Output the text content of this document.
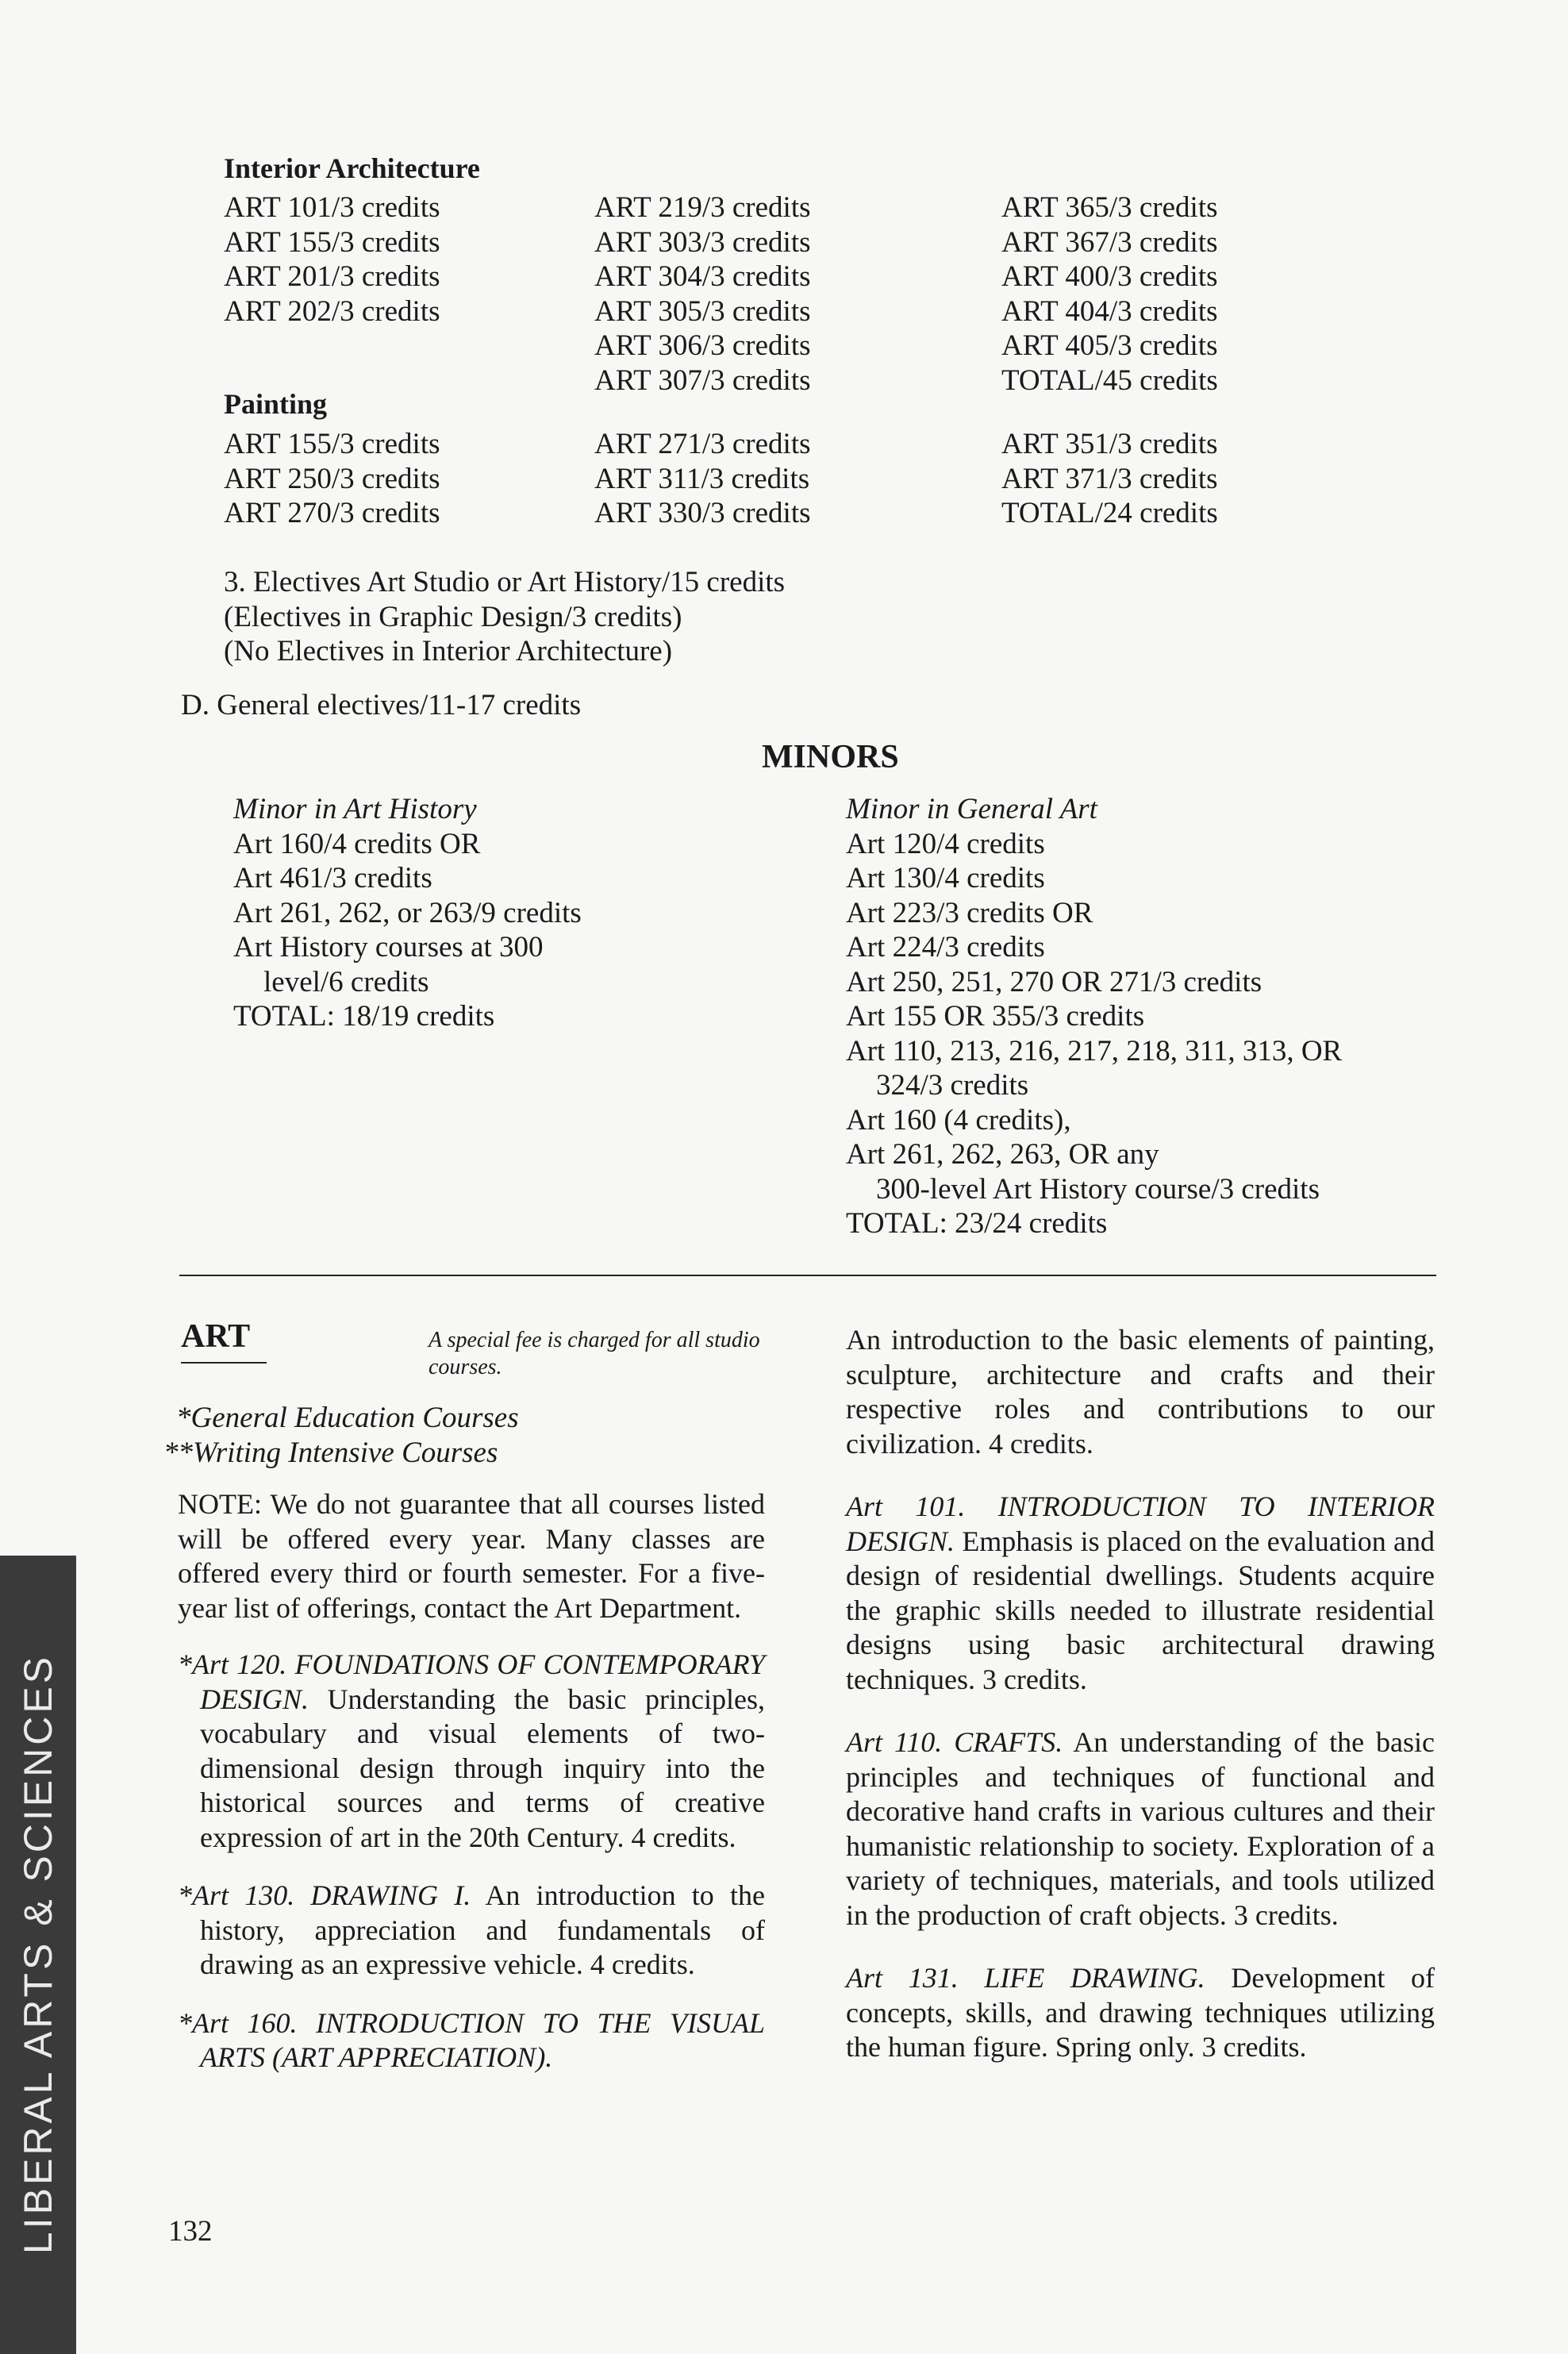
Interior Architecture
ART 101/3 credits
ART 155/3 credits
ART 201/3 credits
ART 202/3 credits
ART 219/3 credits
ART 303/3 credits
ART 304/3 credits
ART 305/3 credits
ART 306/3 credits
ART 307/3 credits
ART 365/3 credits
ART 367/3 credits
ART 400/3 credits
ART 404/3 credits
ART 405/3 credits
TOTAL/45 credits
Painting
ART 155/3 credits
ART 250/3 credits
ART 270/3 credits
ART 271/3 credits
ART 311/3 credits
ART 330/3 credits
ART 351/3 credits
ART 371/3 credits
TOTAL/24 credits
3. Electives Art Studio or Art History/15 credits
(Electives in Graphic Design/3 credits)
(No Electives in Interior Architecture)
D. General electives/11-17 credits
MINORS
Minor in Art History
Art 160/4 credits OR
Art 461/3 credits
Art 261, 262, or 263/9 credits
Art History courses at 300
level/6 credits
TOTAL: 18/19 credits
Minor in General Art
Art 120/4 credits
Art 130/4 credits
Art 223/3 credits OR
Art 224/3 credits
Art 250, 251, 270 OR 271/3 credits
Art 155 OR 355/3 credits
Art 110, 213, 216, 217, 218, 311, 313, OR
324/3 credits
Art 160 (4 credits),
Art 261, 262, 263, OR any
300-level Art History course/3 credits
TOTAL: 23/24 credits
ART	A special fee is charged for all studio courses.
*General Education Courses
**Writing Intensive Courses

NOTE: We do not guarantee that all courses listed will be offered every year. Many classes are offered every third or fourth semester. For a five-year list of offerings, contact the Art Department.

*Art 120. FOUNDATIONS OF CONTEMPORARY DESIGN. Understanding the basic principles, vocabulary and visual elements of two-dimensional design through inquiry into the historical sources and terms of creative expression of art in the 20th Century. 4 credits.

*Art 130. DRAWING I. An introduction to the history, appreciation and fundamentals of drawing as an expressive vehicle. 4 credits.

*Art 160. INTRODUCTION TO THE VISUAL ARTS (ART APPRECIATION).

An introduction to the basic elements of painting, sculpture, architecture and crafts and their respective roles and contributions to our civilization. 4 credits.

Art 101. INTRODUCTION TO INTERIOR DESIGN. Emphasis is placed on the evaluation and design of residential dwellings. Students acquire the graphic skills needed to illustrate residential designs using basic architectural drawing techniques. 3 credits.

Art 110. CRAFTS. An understanding of the basic principles and techniques of functional and decorative hand crafts in various cultures and their humanistic relationship to society. Exploration of a variety of techniques, materials, and tools utilized in the production of craft objects. 3 credits.

Art 131. LIFE DRAWING. Development of concepts, skills, and drawing techniques utilizing the human figure. Spring only. 3 credits.

132
LIBERAL ARTS & SCIENCES
